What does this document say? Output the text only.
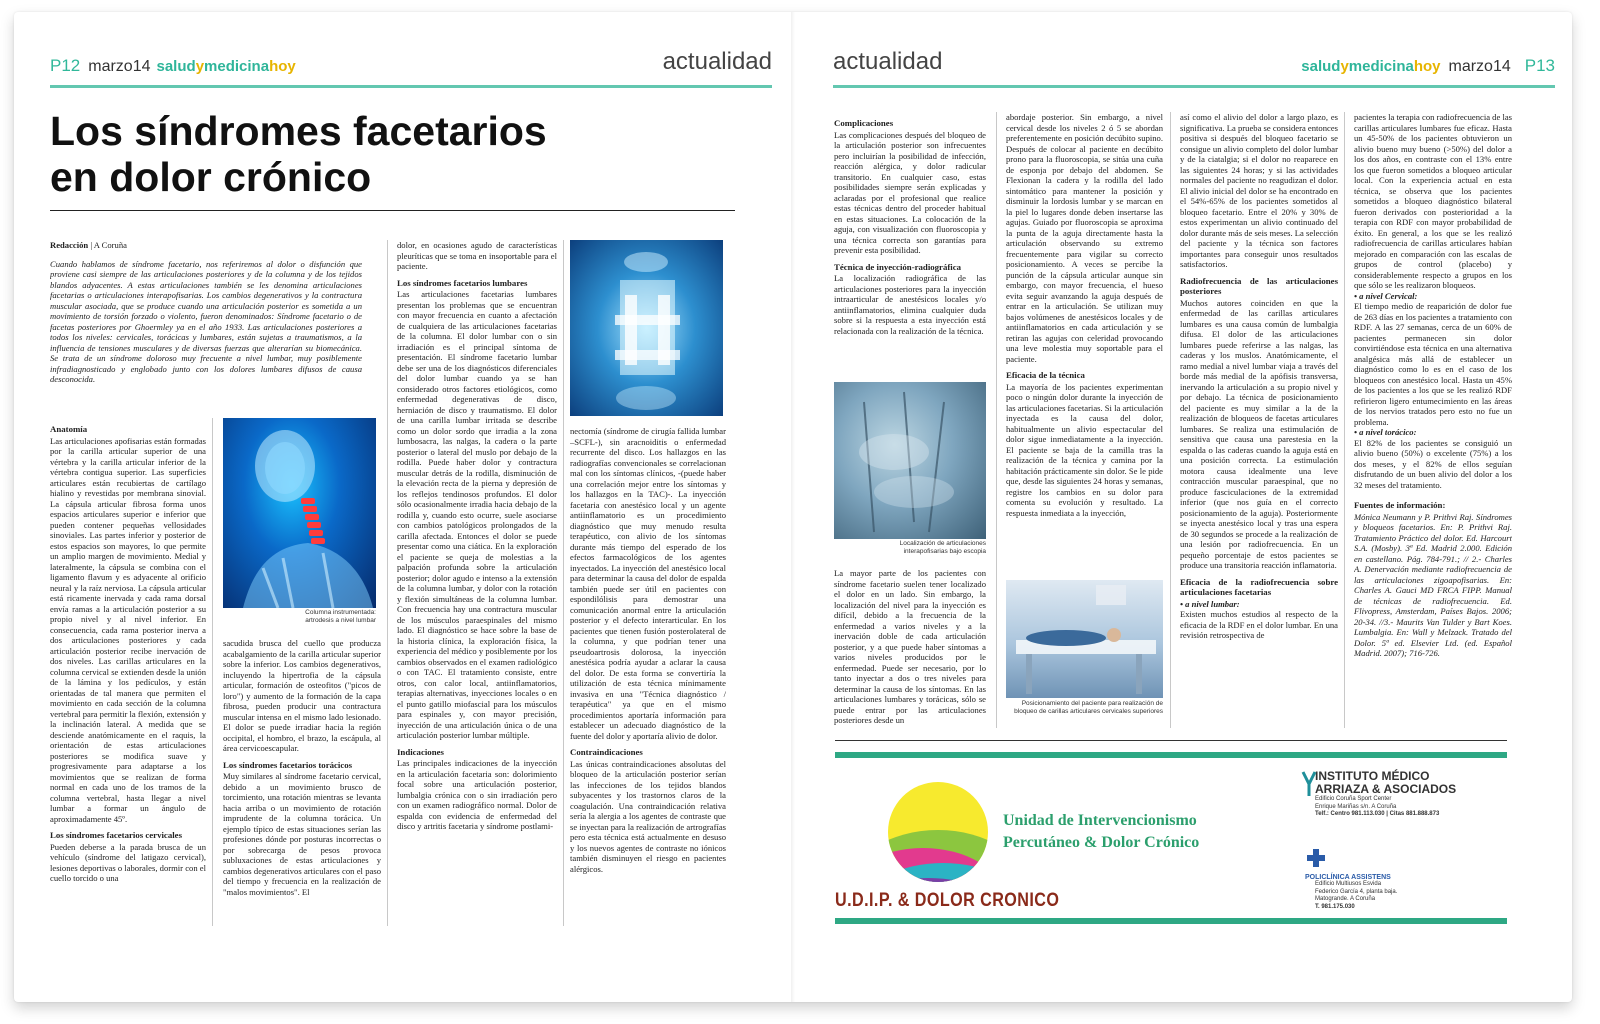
P12 marzo14 saludymedicinahoy	actualidad
Los síndromes facetarios
en dolor crónico

Redacción | A Coruña

Cuando hablamos de síndrome facetario, nos referiremos al dolor o disfunción que proviene casi siempre de las articulaciones posteriores y de la columna y de los tejidos blandos adyacentes. A estas articulaciones también se les denomina articulaciones facetarias o articulaciones interapofisarias. Los cambios degenerativos y la contractura muscular asociada, que se produce cuando una articulación posterior es sometida a un movimiento de torsión forzado o violento, fueron denominados: Síndrome facetario o de facetas posteriores por Ghoermley ya en el año 1933. Las articulaciones posteriores a todos los niveles: cervicales, torácicas y lumbares, están sujetas a traumatismos, a la influencia de tensiones musculares y de diversas fuerzas que alterarían su biomecánica. Se trata de un síndrome doloroso muy frecuente a nivel lumbar, muy posiblemente infradiagnosticado y englobado junto con los dolores lumbares difusos de causa desconocida.

Anatomía

Las articulaciones apofisarias están formadas por la carilla articular superior de una vértebra y la carilla articular inferior de la vértebra contigua superior. Las superficies articulares están recubiertas de cartílago hialino y revestidas por membrana sinovial. La cápsula articular fibrosa forma unos espacios articulares superior e inferior que pueden contener pequeñas vellosidades sinoviales. Las partes inferior y posterior de estos espacios son mayores, lo que permite un amplio margen de movimiento. Medial y lateralmente, la cápsula se combina con el ligamento flavum y es adyacente al orificio neural y la raíz nerviosa. La cápsula articular está ricamente inervada y cada rama dorsal envía ramas a la articulación posterior a su propio nivel y al nivel inferior. En consecuencia, cada rama posterior inerva a dos articulaciones posteriores y cada articulación posterior recibe inervación de dos niveles. Las carillas articulares en la columna cervical se extienden desde la unión de la lámina y los pedículos, y están orientadas de tal manera que permiten el movimiento en cada sección de la columna vertebral para permitir la flexión, extensión y la inclinación lateral. A medida que se desciende anatómicamente en el raquis, la orientación de estas articulaciones posteriores se modifica suave y progresivamente para adaptarse a los movimientos que se realizan de forma normal en cada uno de los tramos de la columna vertebral, hasta llegar a nivel lumbar a formar un ángulo de aproximadamente 45º.

Los síndromes facetarios cervicales

Pueden deberse a la parada brusca de un vehículo (síndrome del latigazo cervical), lesiones deportivas o laborales, dormir con el cuello torcido o una

Columna instrumentada: artrodesis a nivel lumbar

sacudida brusca del cuello que producza acabalgamiento de la carilla articular superior sobre la inferior. Los cambios degenerativos, incluyendo la hipertrofia de la cápsula articular, formación de osteofitos ("picos de loro") y aumento de la formación de la capa fibrosa, pueden producir una contractura muscular intensa en el mismo lado lesionado. El dolor se puede irradiar hacia la región occipital, el hombro, el brazo, la escápula, al área cervicoescapular.

Los síndromes facetarios torácicos

Muy similares al síndrome facetario cervical, debido a un movimiento brusco de torcimiento, una rotación mientras se levanta hacia arriba o un movimiento de rotación imprudente de la columna torácica. Un ejemplo típico de estas situaciones serían las profesiones dónde por posturas incorrectas o por sobrecarga de pesos provoca subluxaciones de estas articulaciones y cambios degenerativos articulares con el paso del tiempo y frecuencia en la realización de "malos movimientos". El

dolor, en ocasiones agudo de características pleuríticas que se toma en insoportable para el paciente.

Los síndromes facetarios lumbares

Las articulaciones facetarias lumbares presentan los problemas que se encuentran con mayor frecuencia en cuanto a afectación de cualquiera de las articulaciones facetarias de la columna. El dolor lumbar con o sin irradiación es el principal síntoma de presentación. El síndrome facetario lumbar debe ser una de los diagnósticos diferenciales del dolor lumbar cuando ya se han considerado otros factores etiológicos, como enfermedad degenerativas de disco, herniación de disco y traumatismo. El dolor de una carilla lumbar irritada se describe como un dolor sordo que irradia a la zona lumbosacra, las nalgas, la cadera o la parte posterior o lateral del muslo por debajo de la rodilla. Puede haber dolor y contractura muscular detrás de la rodilla, disminución de la elevación recta de la pierna y depresión de los reflejos tendinosos profundos. El dolor sólo ocasionalmente irradia hacia debajo de la rodilla y, cuando esto ocurre, suele asociarse con cambios patológicos prolongados de la carilla afectada. Entonces el dolor se puede presentar como una ciática. En la exploración el paciente se queja de molestias a la palpación profunda sobre la articulación posterior; dolor agudo e intenso a la extensión de la columna lumbar, y dolor con la rotación y flexión simultáneas de la columna lumbar. Con frecuencia hay una contractura muscular de los músculos paraespinales del mismo lado. El diagnóstico se hace sobre la base de la historia clínica, la exploración física, la experiencia del médico y posiblemente por los cambios observados en el examen radiológico o con TAC. El tratamiento consiste, entre otros, con calor local, antiinflamatorios, terapias alternativas, inyecciones locales o en el punto gatillo miofascial para los músculos para espinales y, con mayor precisión, inyección de una articulación única o de una articulación posterior lumbar múltiple.

Indicaciones

Las principales indicaciones de la inyección en la articulación facetaria son: dolorimiento focal sobre una articulación posterior, lumbalgia crónica con o sin irradiación pero con un examen radiográfico normal. Dolor de espalda con evidencia de enfermedad del disco y artritis facetaria y síndrome postlami-

nectomía (síndrome de cirugía fallida lumbar –SCFL-), sin aracnoiditis o enfermedad recurrente del disco. Los hallazgos en las radiografías convencionales se correlacionan mal con los síntomas clínicos, -(puede haber una correlación mejor entre los síntomas y los hallazgos en la TAC)-. La inyección facetaria con anestésico local y un agente antiinflamatorio es un procedimiento diagnóstico que muy menudo resulta terapéutico, con alivio de los síntomas durante más tiempo del esperado de los efectos farmacológicos de los agentes inyectados. La inyección del anestésico local para determinar la causa del dolor de espalda también puede ser útil en pacientes con espondilólisis para demostrar una comunicación anormal entre la articulación posterior y el defecto interarticular. En los pacientes que tienen fusión posterolateral de la columna, y que podrían tener una pseudoartrosis dolorosa, la inyección anestésica podría ayudar a aclarar la causa del dolor. De esta forma se convertiría la utilización de esta técnica mínimamente invasiva en una "Técnica diagnóstico / terapéutica" ya que en el mismo procedimientos aportaría información para establecer un adecuado diagnóstico de la fuente del dolor y aportaría alivio de dolor.

Contraindicaciones

Las únicas contraindicaciones absolutas del bloqueo de la articulación posterior serían las infecciones de los tejidos blandos subyacentes y los trastornos claros de la coagulación. Una contraindicación relativa sería la alergia a los agentes de contraste que se inyectan para la realización de artrografías pero esta técnica está actualmente en desuso y los nuevos agentes de contraste no iónicos también disminuyen el riesgo en pacientes alérgicos.

actualidad	saludymedicinahoy marzo14 P13
Complicaciones

Las complicaciones después del bloqueo de la articulación posterior son infrecuentes pero incluirían la posibilidad de infección, reacción alérgica, y dolor radicular transitorio. En cualquier caso, estas posibilidades siempre serán explicadas y aclaradas por el profesional que realice estas técnicas dentro del proceder habitual en estas situaciones. La colocación de la aguja, con visualización con fluoroscopia y una técnica correcta son garantías para prevenir esta posibilidad.

Técnica de inyección-radiográfica

La localización radiográfica de las articulaciones posteriores para la inyección intraarticular de anestésicos locales y/o antiinflamatorios, elimina cualquier duda sobre si la respuesta a esta inyección está relacionada con la realización de la técnica.

Localización de articulaciones interapofisarias bajo escopia

La mayor parte de los pacientes con síndrome facetario suelen tener localizado el dolor en un lado. Sin embargo, la localización del nivel para la inyección es difícil, debido a la frecuencia de la enfermedad a varios niveles y a la inervación doble de cada articulación posterior, y a que puede haber síntomas a varios niveles producidos por le enfermedad. Puede ser necesario, por lo tanto inyectar a dos o tres niveles para determinar la causa de los síntomas. En las articulaciones lumbares y torácicas, sólo se puede entrar por las articulaciones posteriores desde un

abordaje posterior. Sin embargo, a nivel cervical desde los niveles 2 ó 5 se abordan preferentemente en posición decúbito supino. Después de colocar al paciente en decúbito prono para la fluoroscopia, se sitúa una cuña de esponja por debajo del abdomen. Se Flexionan la cadera y la rodilla del lado sintomático para mantener la posición y disminuir la lordosis lumbar y se marcan en la piel lo lugares donde deben insertarse las agujas. Guiado por fluoroscopia se aproxima la punta de la aguja directamente hasta la articulación observando su extremo frecuentemente para vigilar su correcto posicionamiento. A veces se percibe la punción de la cápsula articular aunque sin embargo, con mayor frecuencia, el hueso evita seguir avanzando la aguja después de entrar en la articulación. Se utilizan muy bajos volúmenes de anestésicos locales y de antiinflamatorios en cada articulación y se retiran las agujas con celeridad provocando una leve molestia muy soportable para el paciente.

Eficacia de la técnica

La mayoría de los pacientes experimentan poco o ningún dolor durante la inyección de las articulaciones facetarias. Si la articulación inyectada es la causa del dolor, habitualmente un alivio espectacular del dolor sigue inmediatamente a la inyección. El paciente se baja de la camilla tras la realización de la técnica y camina por la habitación prácticamente sin dolor. Se le pide que, desde las siguientes 24 horas y semanas, registre los cambios en su dolor para comenta su evolución y resultado. La respuesta inmediata a la inyección,

Posicionamiento del paciente para realización de bloqueo de carillas articulares cervicales superiores

así como el alivio del dolor a largo plazo, es significativa. La prueba se considera entonces positiva si después del bloqueo facetario se consigue un alivio completo del dolor lumbar y de la ciatalgia; si el dolor no reaparece en las siguientes 24 horas; y si las actividades normales del paciente no reagudizan el dolor. El alivio inicial del dolor se ha encontrado en el 54%-65% de los pacientes sometidos al bloqueo facetario. Entre el 20% y 30% de estos experimentan un alivio continuado del dolor durante más de seis meses. La selección del paciente y la técnica son factores importantes para conseguir unos resultados satisfactorios.

Radiofrecuencia de las articulaciones posteriores

Muchos autores coinciden en que la enfermedad de las carillas articulares lumbares es una causa común de lumbalgia difusa. El dolor de las articulaciones lumbares puede referirse a las nalgas, las caderas y los muslos. Anatómicamente, el ramo medial a nivel lumbar viaja a través del borde más medial de la apófisis transversa, inervando la articulación a su propio nivel y por debajo. La técnica de posicionamiento del paciente es muy similar a la de la realización de bloqueos de facetas articulares lumbares. Se realiza una estimulación de sensitiva que causa una parestesia en la espalda o las caderas cuando la aguja está en una posición correcta. La estimulación motora causa idealmente una leve contracción muscular paraespinal, que no produce fasciculaciones de la extremidad inferior (que nos guía en el correcto posicionamiento de la aguja). Posteriormente se inyecta anestésico local y tras una espera de 30 segundos se procede a la realización de una lesión por radiofrecuencia. En un pequeño porcentaje de estos pacientes se produce una transitoria reacción inflamatoria.

Eficacia de la radiofrecuencia sobre articulaciones facetarias

• a nivel lumbar:

Existen muchos estudios al respecto de la eficacia de la RDF en el dolor lumbar. En una revisión retrospectiva de

pacientes la terapia con radiofrecuencia de las carillas articulares lumbares fue eficaz. Hasta un 45-50% de los pacientes obtuvieron un alivio bueno muy bueno (>50%) del dolor a los dos años, en contraste con el 13% entre los que fueron sometidos a bloqueo articular local. Con la experiencia actual en esta técnica, se observa que los pacientes sometidos a bloqueo diagnóstico bilateral fueron derivados con posterioridad a la terapia con RDF con mayor probabilidad de éxito. En general, a los que se les realizó radiofrecuencia de carillas articulares habían mejorado en comparación con las escalas de grupos de control (placebo) y considerablemente respecto a grupos en los que sólo se les realizaron bloqueos.

• a nivel Cervical:

El tiempo medio de reaparición de dolor fue de 263 días en los pacientes a tratamiento con RDF. A las 27 semanas, cerca de un 60% de pacientes permanecen sin dolor convirtiéndose esta técnica en una alternativa analgésica más allá de establecer un diagnóstico como lo es en el caso de los bloqueos con anestésico local. Hasta un 45% de los pacientes a los que se les realizó RDF refirieron ligero entumecimiento en las áreas de los nervios tratados pero esto no fue un problema.

• a nivel torácico:

El 82% de los pacientes se consiguió un alivio bueno (50%) o excelente (75%) a los dos meses, y el 82% de ellos seguían disfrutando de un buen alivio del dolor a los 32 meses del tratamiento.

Fuentes de información:

Mónica Neumann y P. Prithvi Raj. Síndromes y bloqueos facetarios. En: P. Prithvi Raj. Tratamiento Práctico del dolor. Ed. Harcourt S.A. (Mosby). 3ª Ed. Madrid 2.000. Edición en castellano. Pág. 784-791.; // 2.- Charles A. Denervación mediante radiofrecuencia de las articulaciones zigoapofisarias. En: Charles A. Gauci MD FRCA FIPP. Manual de técnicas de radiofrecuencia. Ed. Flivopress, Amsterdam, Países Bajos. 2006; 20-34. //3.- Maurits Van Tulder y Bart Koes. Lumbalgia. En: Wall y Melzack. Tratado del Dolor. 5ª ed. Elsevier Ltd. (ed. Español Madrid. 2007); 716-726.

Unidad de Intervencionismo
Percutáneo & Dolor Crónico
U.D.I.P. & DOLOR CRONICO
INSTITUTO MÉDICO
ARRIAZA & ASOCIADOS
Edificio Coruña Sport Center
Enrique Mariñas s/n. A Coruña
Telf.: Centro 981.113.030 | Citas 881.888.873
POLICLÍNICA ASSISTENS
Edificio Multiusos Esvida
Federico García 4, planta baja.
Matogrande. A Coruña
T. 981.175.030
